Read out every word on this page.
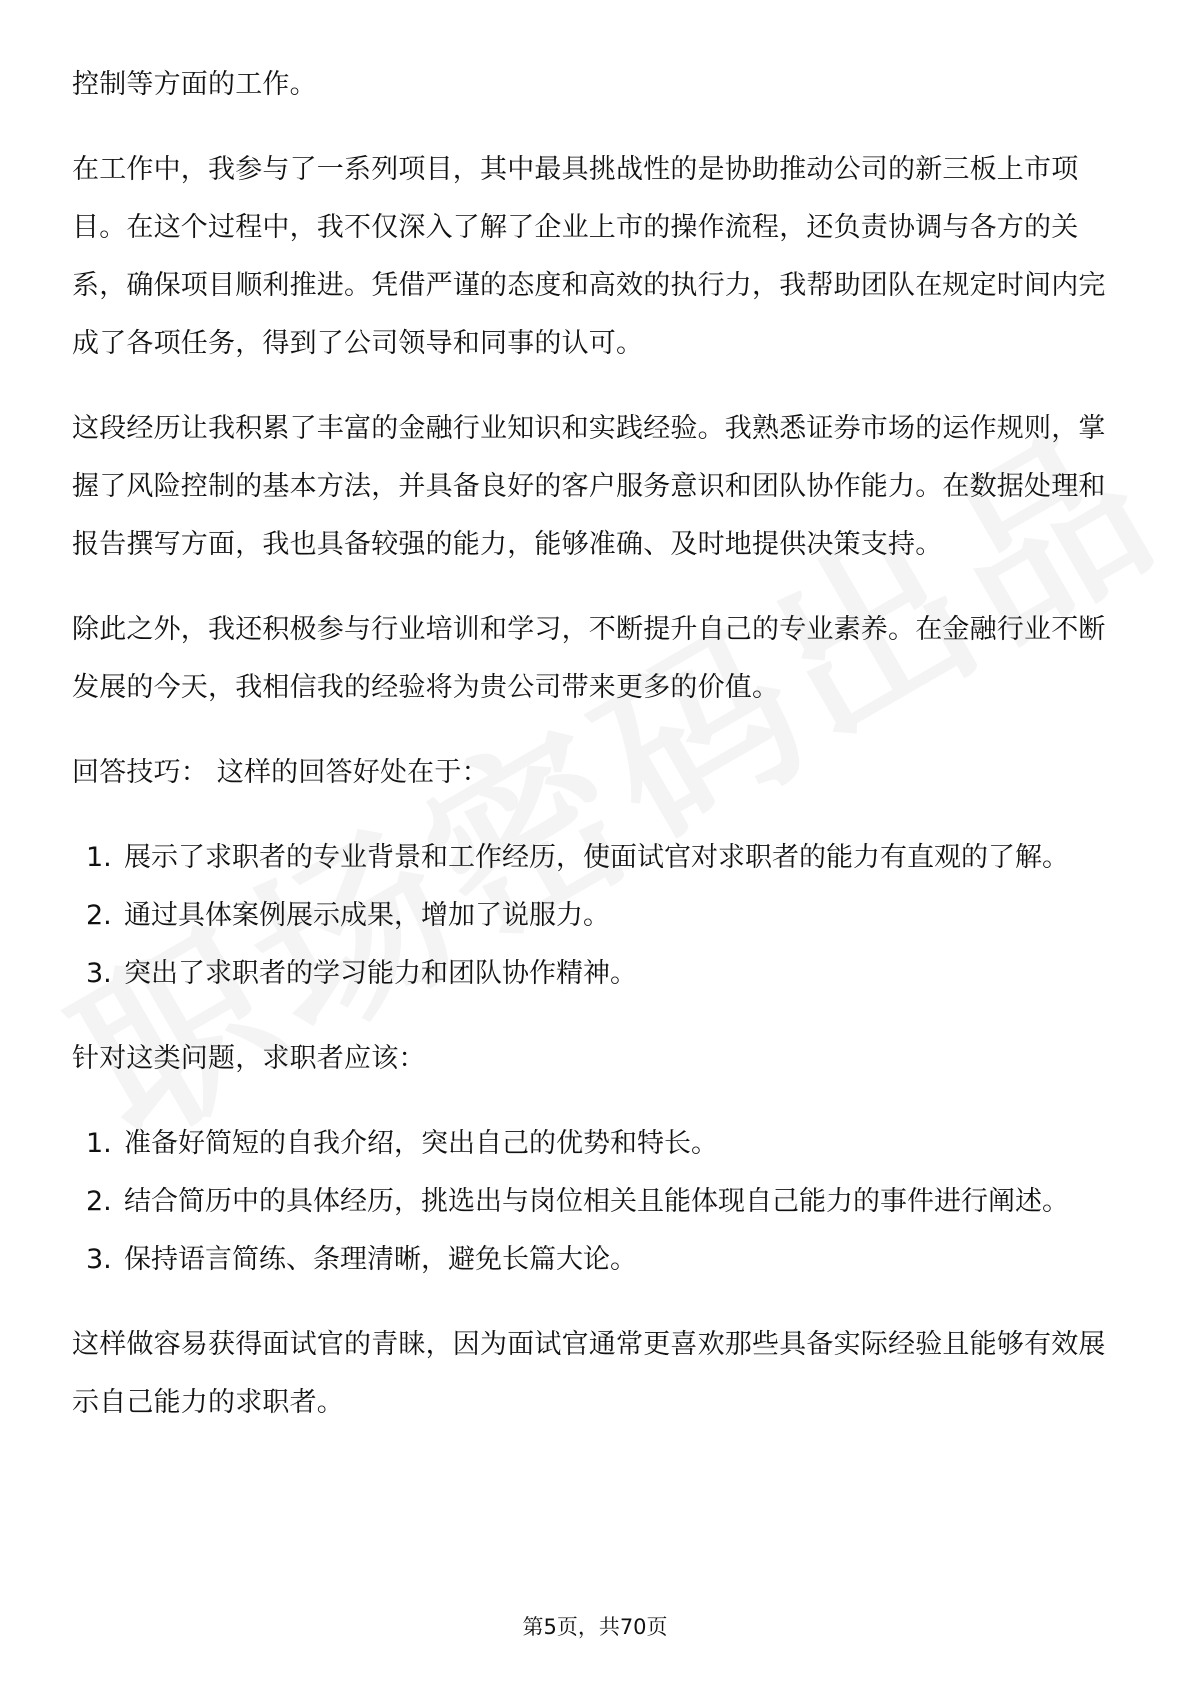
控制等方面的工作。

在工作中，我参与了一系列项目，其中最具挑战性的是协助推动公司的新三板上市项目。在这个过程中，我不仅深入了解了企业上市的操作流程，还负责协调与各方的关系，确保项目顺利推进。凭借严谨的态度和高效的执行力，我帮助团队在规定时间内完成了各项任务，得到了公司领导和同事的认可。

这段经历让我积累了丰富的金融行业知识和实践经验。我熟悉证券市场的运作规则，掌握了风险控制的基本方法，并具备良好的客户服务意识和团队协作能力。在数据处理和报告撰写方面，我也具备较强的能力，能够准确、及时地提供决策支持。

除此之外，我还积极参与行业培训和学习，不断提升自己的专业素养。在金融行业不断发展的今天，我相信我的经验将为贵公司带来更多的价值。

回答技巧： 这样的回答好处在于：

1. 展示了求职者的专业背景和工作经历，使面试官对求职者的能力有直观的了解。
2. 通过具体案例展示成果，增加了说服力。
3. 突出了求职者的学习能力和团队协作精神。

针对这类问题，求职者应该：

1. 准备好简短的自我介绍，突出自己的优势和特长。
2. 结合简历中的具体经历，挑选出与岗位相关且能体现自己能力的事件进行阐述。
3. 保持语言简练、条理清晰，避免长篇大论。

这样做容易获得面试官的青睐，因为面试官通常更喜欢那些具备实际经验且能够有效展示自己能力的求职者。

第5页，共70页
